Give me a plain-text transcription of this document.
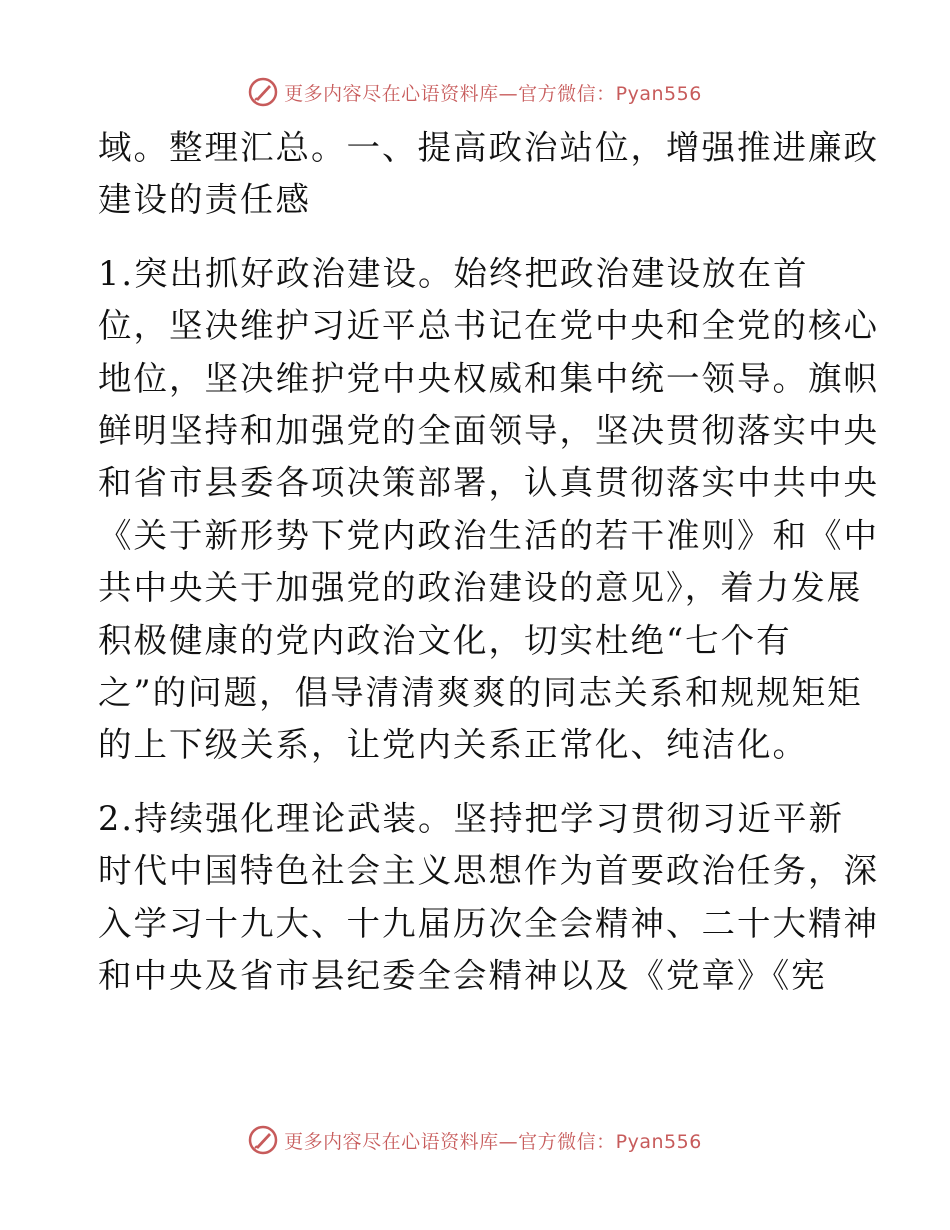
更多内容尽在心语资料库—官方微信：Pyan556

域。整理汇总。一、提高政治站位，增强推进廉政
建设的责任感

1.突出抓好政治建设。始终把政治建设放在首
位，坚决维护习近平总书记在党中央和全党的核心
地位，坚决维护党中央权威和集中统一领导。旗帜
鲜明坚持和加强党的全面领导，坚决贯彻落实中央
和省市县委各项决策部署，认真贯彻落实中共中央
《关于新形势下党内政治生活的若干准则》和《中
共中央关于加强党的政治建设的意见》，着力发展
积极健康的党内政治文化，切实杜绝“七个有
之”的问题，倡导清清爽爽的同志关系和规规矩矩
的上下级关系，让党内关系正常化、纯洁化。

2.持续强化理论武装。坚持把学习贯彻习近平新
时代中国特色社会主义思想作为首要政治任务，深
入学习十九大、十九届历次全会精神、二十大精神
和中央及省市县纪委全会精神以及《党章》《宪

更多内容尽在心语资料库—官方微信：Pyan556
